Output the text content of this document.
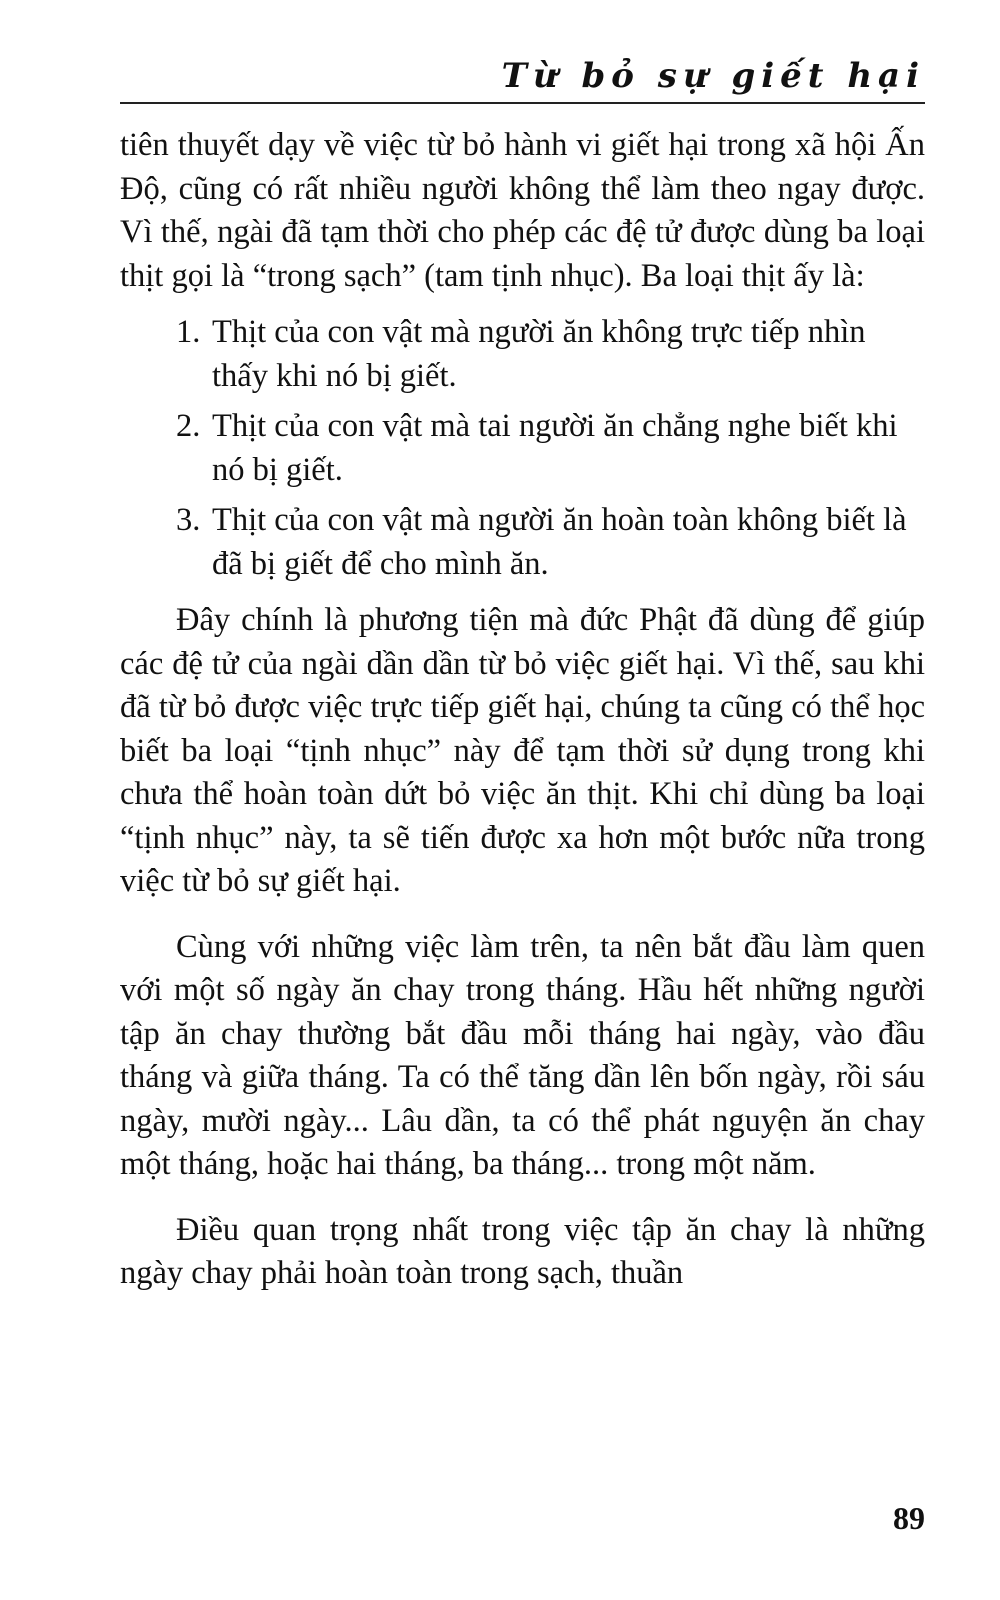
Từ bỏ sự giết hại

tiên thuyết dạy về việc từ bỏ hành vi giết hại trong xã hội Ấn Độ, cũng có rất nhiều người không thể làm theo ngay được. Vì thế, ngài đã tạm thời cho phép các đệ tử được dùng ba loại thịt gọi là “trong sạch” (tam tịnh nhục). Ba loại thịt ấy là:

1. Thịt của con vật mà người ăn không trực tiếp nhìn thấy khi nó bị giết.
2. Thịt của con vật mà tai người ăn chẳng nghe biết khi nó bị giết.
3. Thịt của con vật mà người ăn hoàn toàn không biết là đã bị giết để cho mình ăn.

Đây chính là phương tiện mà đức Phật đã dùng để giúp các đệ tử của ngài dần dần từ bỏ việc giết hại. Vì thế, sau khi đã từ bỏ được việc trực tiếp giết hại, chúng ta cũng có thể học biết ba loại “tịnh nhục” này để tạm thời sử dụng trong khi chưa thể hoàn toàn dứt bỏ việc ăn thịt. Khi chỉ dùng ba loại “tịnh nhục” này, ta sẽ tiến được xa hơn một bước nữa trong việc từ bỏ sự giết hại.

Cùng với những việc làm trên, ta nên bắt đầu làm quen với một số ngày ăn chay trong tháng. Hầu hết những người tập ăn chay thường bắt đầu mỗi tháng hai ngày, vào đầu tháng và giữa tháng. Ta có thể tăng dần lên bốn ngày, rồi sáu ngày, mười ngày... Lâu dần, ta có thể phát nguyện ăn chay một tháng, hoặc hai tháng, ba tháng... trong một năm.

Điều quan trọng nhất trong việc tập ăn chay là những ngày chay phải hoàn toàn trong sạch, thuần

89
